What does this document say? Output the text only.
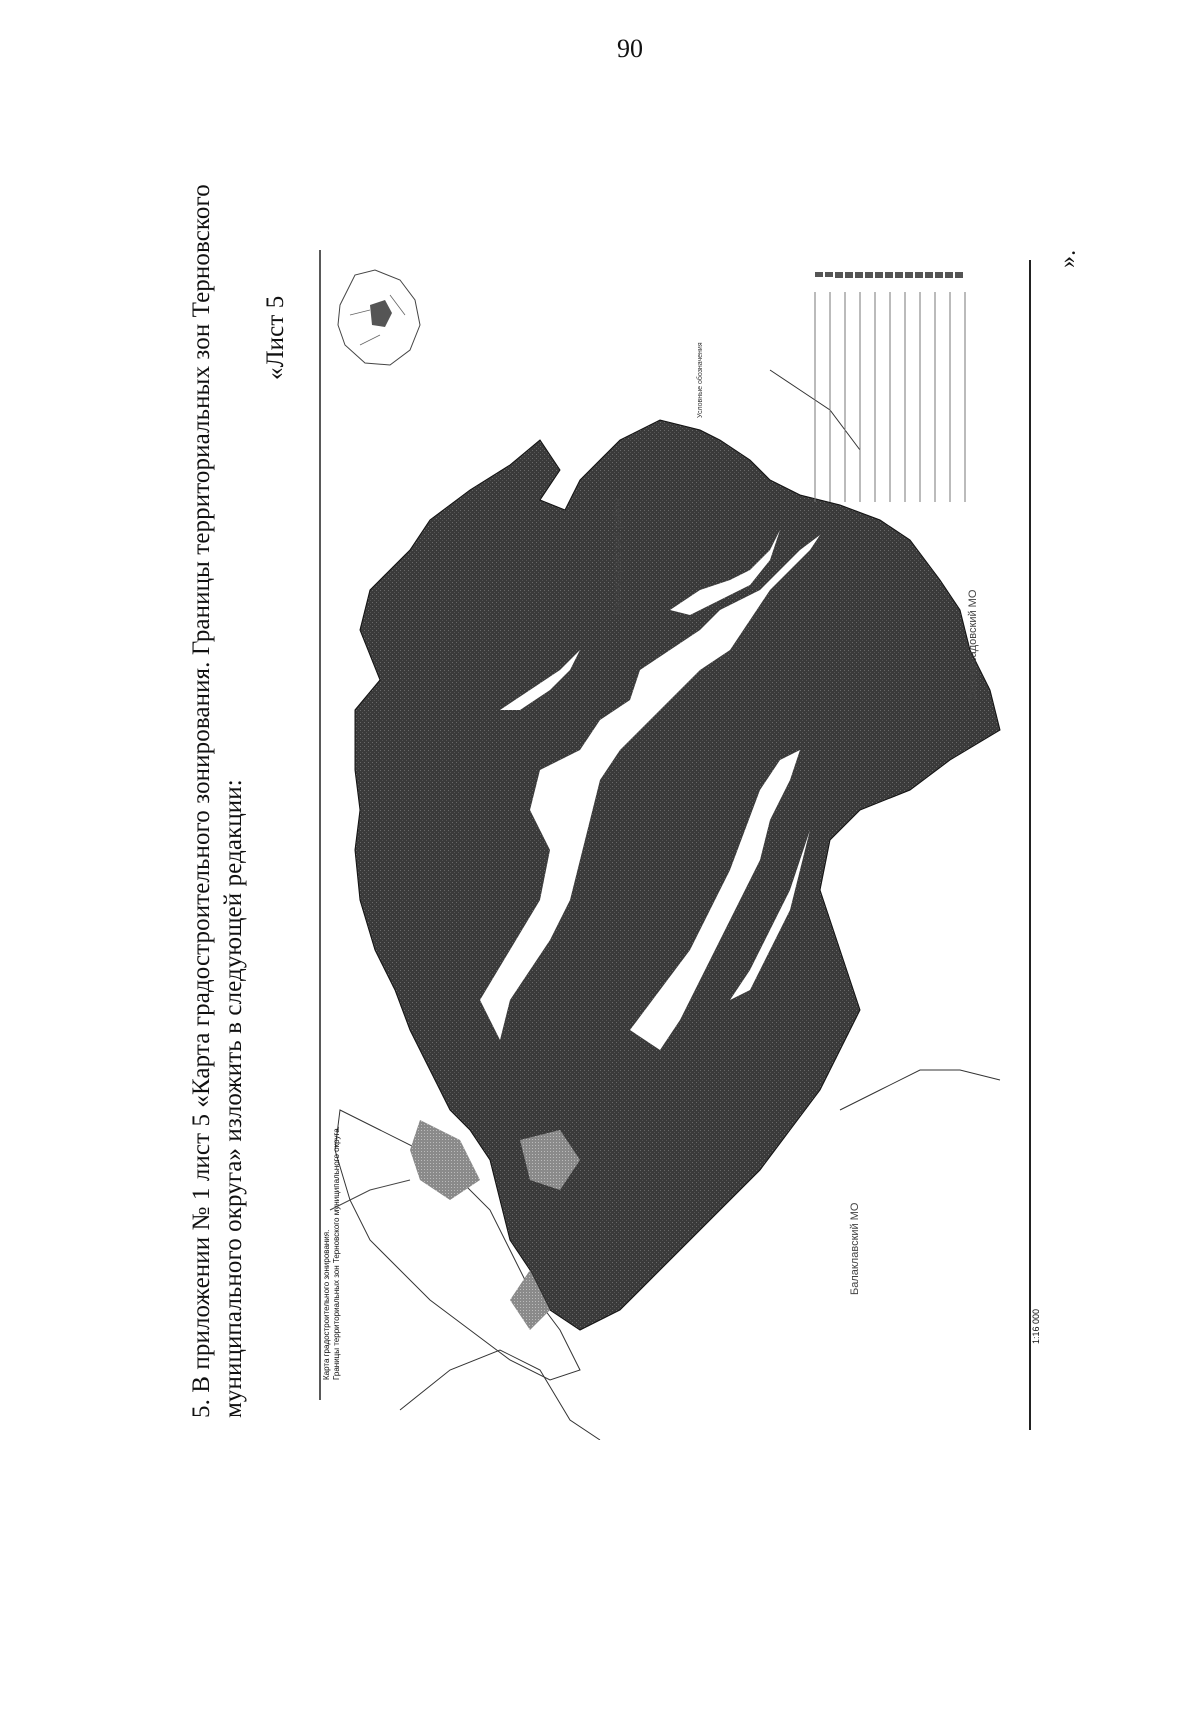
90
5. В приложении № 1 лист 5 «Карта градостроительного зонирования. Границы территориальных зон Терновского муниципального округа» изложить в следующей редакции:
«Лист 5
Карта градостроительного зонирования. Границы территориальных зон Терновского муниципального округа.
Условные обозначения
Бахчисарайский район
Балаклавский МО
Верхнесадовский МО
1:16 000
».
